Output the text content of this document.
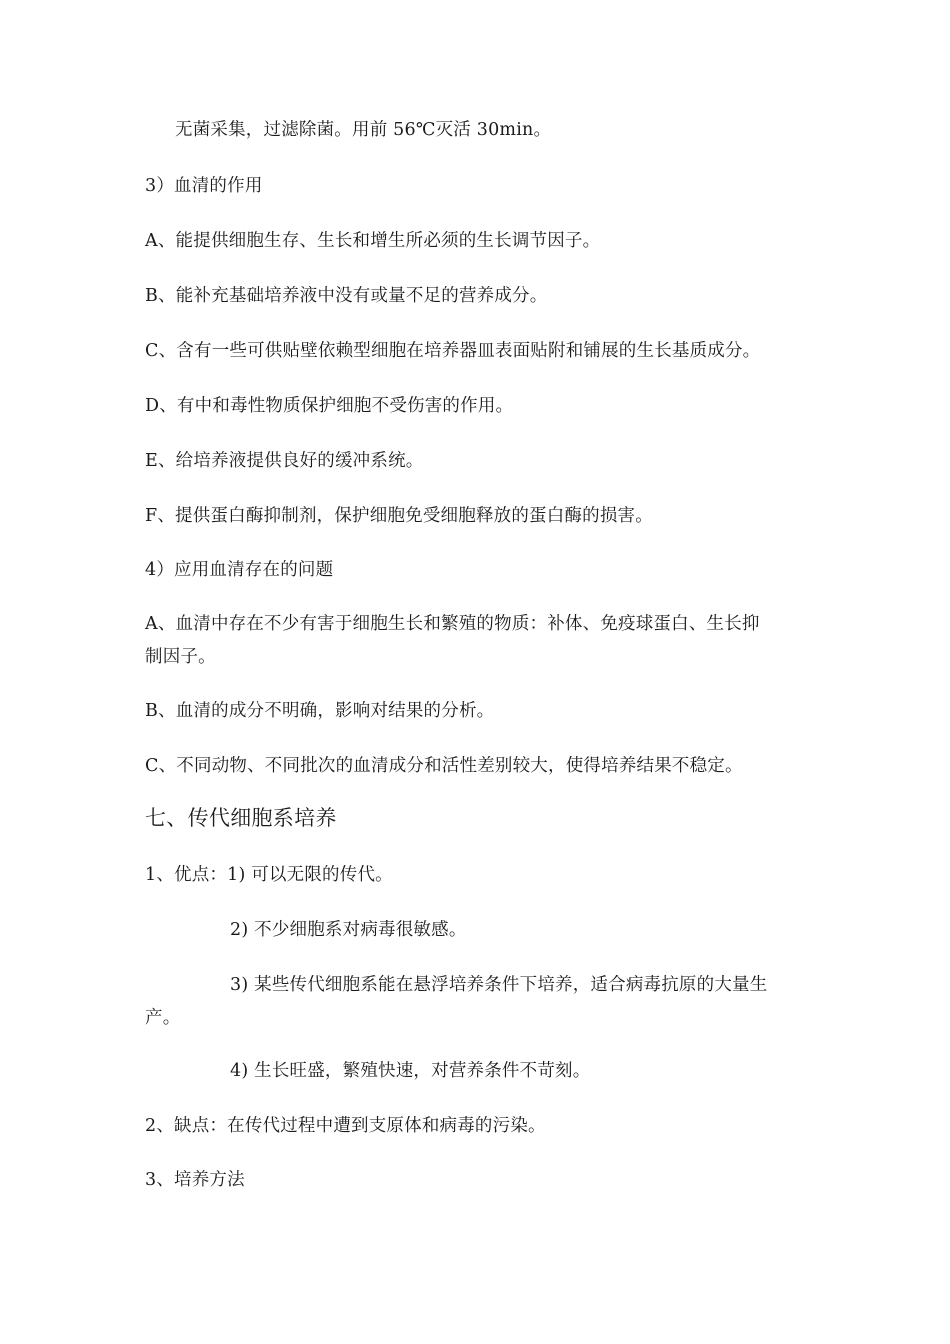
无菌采集，过滤除菌。用前 56℃灭活 30min。
3）血清的作用
A、能提供细胞生存、生长和增生所必须的生长调节因子。
B、能补充基础培养液中没有或量不足的营养成分。
C、含有一些可供贴壁依赖型细胞在培养器皿表面贴附和铺展的生长基质成分。
D、有中和毒性物质保护细胞不受伤害的作用。
E、给培养液提供良好的缓冲系统。
F、提供蛋白酶抑制剂，保护细胞免受细胞释放的蛋白酶的损害。
4）应用血清存在的问题
A、血清中存在不少有害于细胞生长和繁殖的物质：补体、免疫球蛋白、生长抑
制因子。
B、血清的成分不明确，影响对结果的分析。
C、不同动物、不同批次的血清成分和活性差别较大，使得培养结果不稳定。
七、传代细胞系培养
1、优点：1) 可以无限的传代。
2) 不少细胞系对病毒很敏感。
3) 某些传代细胞系能在悬浮培养条件下培养，适合病毒抗原的大量生
产。
4) 生长旺盛，繁殖快速，对营养条件不苛刻。
2、缺点：在传代过程中遭到支原体和病毒的污染。
3、培养方法
